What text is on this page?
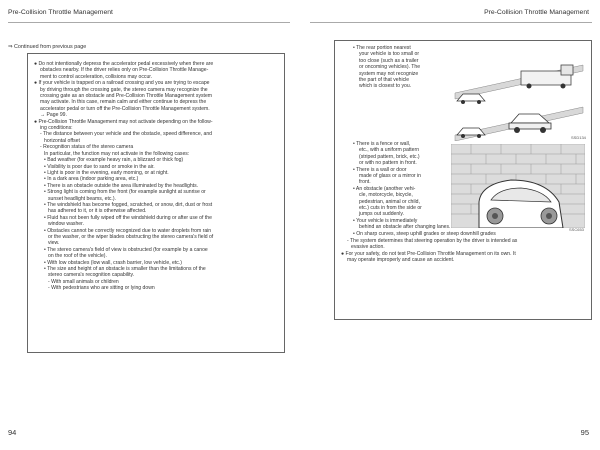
Pre-Collision Throttle Management	Pre-Collision Throttle Management
⇒ Continued from previous page
● Do not intentionally depress the accelerator pedal excessively when there are
obstacles nearby. If the driver relies only on Pre-Collision Throttle Manage-
ment to control acceleration, collisions may occur.
● If your vehicle is trapped on a railroad crossing and you are trying to escape
by driving through the crossing gate, the stereo camera may recognize the
crossing gate as an obstacle and Pre-Collision Throttle Management system
may activate. In this case, remain calm and either continue to depress the
accelerator pedal or turn off the Pre-Collision Throttle Management system.
→ Page 99.
● Pre-Collision Throttle Management may not activate depending on the follow-
ing conditions:
- The distance between your vehicle and the obstacle, speed difference, and
horizontal offset
- Recognition status of the stereo camera
In particular, the function may not activate in the following cases:
• Bad weather (for example heavy rain, a blizzard or thick fog)
• Visibility is poor due to sand or smoke in the air.
• Light is poor in the evening, early morning, or at night.
• In a dark area (indoor parking area, etc.)
• There is an obstacle outside the area illuminated by the headlights.
• Strong light is coming from the front (for example sunlight at sunrise or
sunset headlight beams, etc.).
• The windshield has become fogged, scratched, or snow, dirt, dust or frost
has adhered to it, or it is otherwise affected.
• Fluid has not been fully wiped off the windshield during or after use of the
window washer.
• Obstacles cannot be correctly recognized due to water droplets from rain
or the washer, or the wiper blades obstructing the stereo camera's field of
view.
• The stereo camera's field of view is obstructed (for example by a canoe
on the roof of the vehicle).
• With low obstacles (low wall, crash barrier, low vehicle, etc.)
• The size and height of an obstacle is smaller than the limitations of the
stereo camera's recognition capability.
- With small animals or children
- With pedestrians who are sitting or lying down
• The rear portion nearest
your vehicle is too small or
too close (such as a trailer
or oncoming vehicles). The
system may not recognize
the part of that vehicle
which is closest to you.
SSD134
• There is a fence or wall,
etc., with a uniform pattern
(striped pattern, brick, etc.)
or with no pattern in front.
• There is a wall or door
made of glass or a mirror in
front.
• An obstacle (another vehi-
cle, motorcycle, bicycle,
pedestrian, animal or child,
etc.) cuts in from the side or
jumps out suddenly.
• Your vehicle is immediately
behind an obstacle after changing lanes.
• On sharp curves, steep uphill grades or steep downhill grades
SSC653
- The system determines that steering operation by the driver is intended as
evasive action.
● For your safety, do not test Pre-Collision Throttle Management on its own. It
may operate improperly and cause an accident.
94	95
